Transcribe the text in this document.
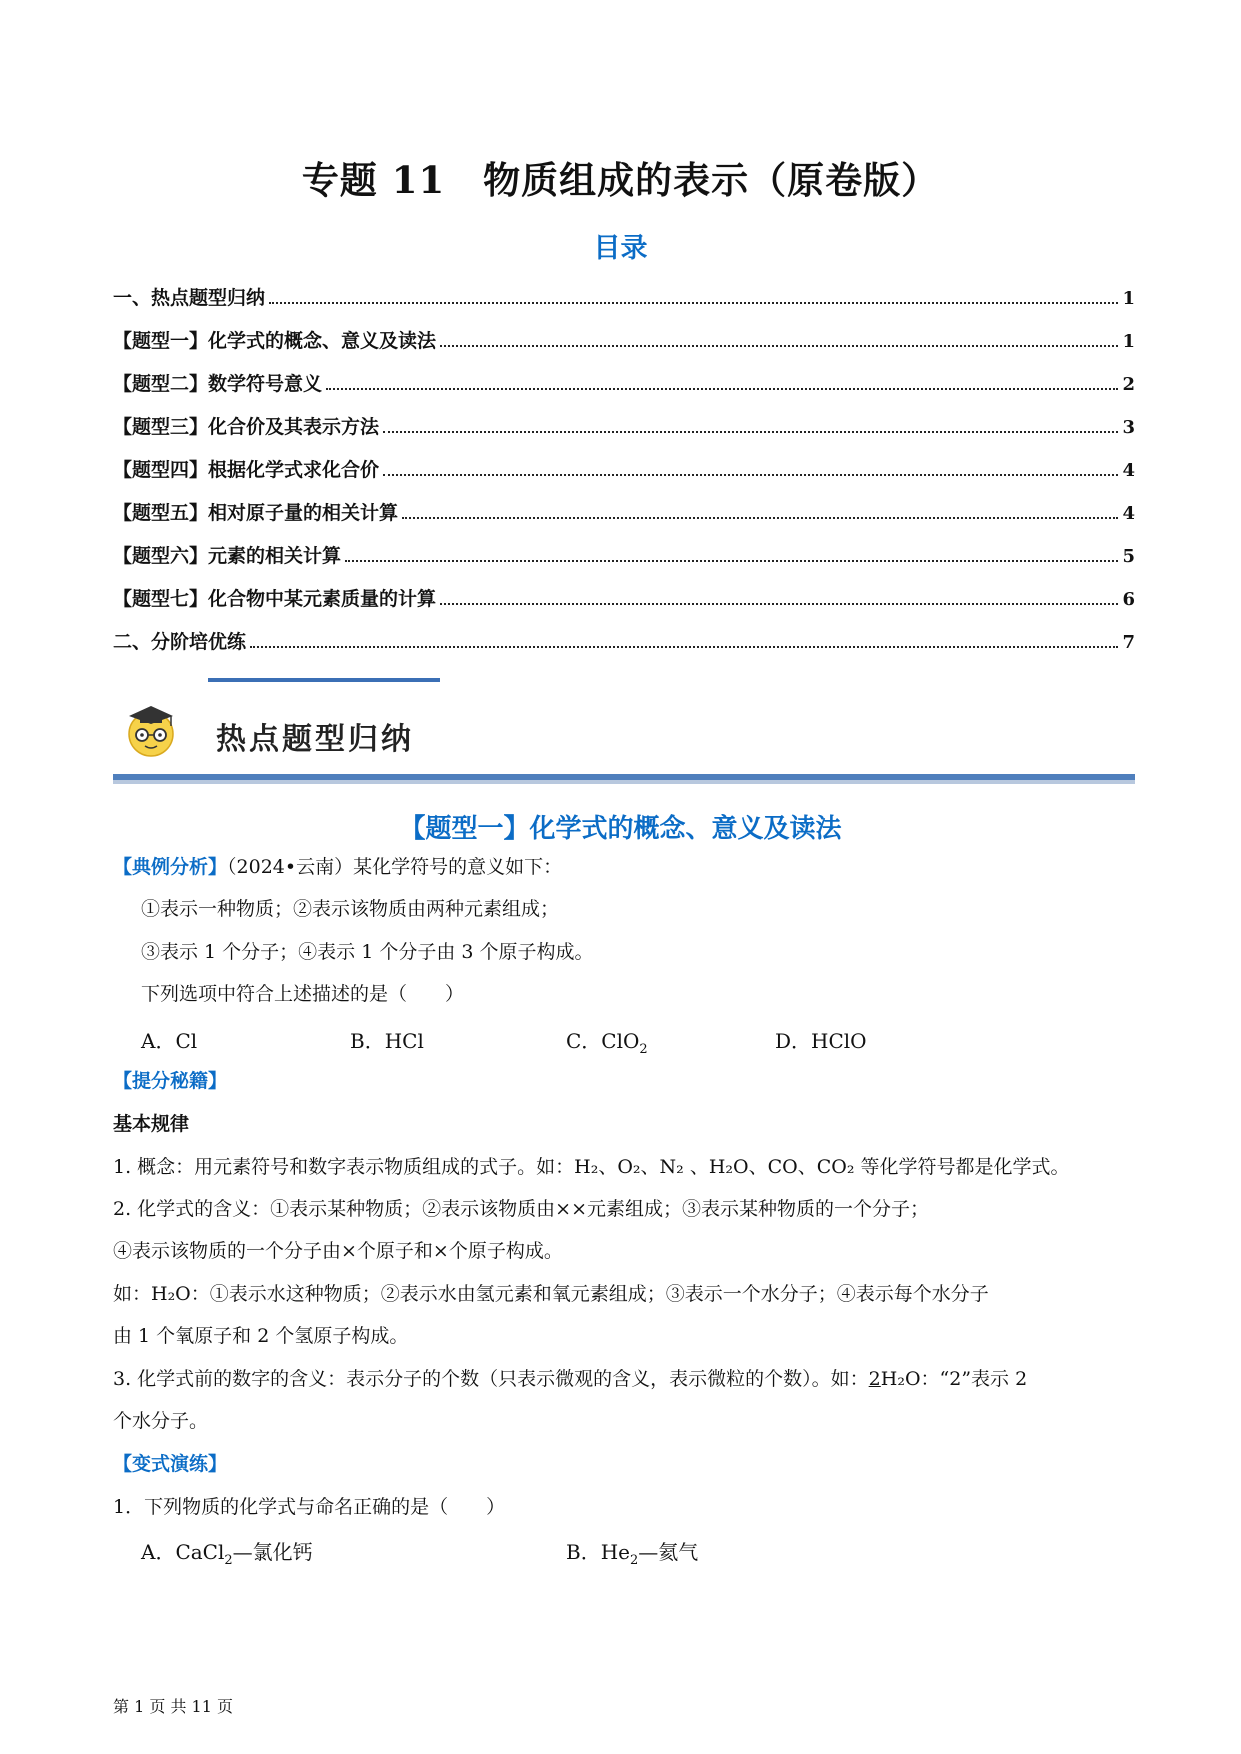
专题 11　物质组成的表示（原卷版）
目录
一、热点题型归纳	1
【题型一】化学式的概念、意义及读法	1
【题型二】数学符号意义	2
【题型三】化合价及其表示方法	3
【题型四】根据化学式求化合价	4
【题型五】相对原子量的相关计算	4
【题型六】元素的相关计算	5
【题型七】化合物中某元素质量的计算	6
二、分阶培优练	7
热点题型归纳
【题型一】化学式的概念、意义及读法
【典例分析】（2024•云南）某化学符号的意义如下：
①表示一种物质；②表示该物质由两种元素组成；
③表示 1 个分子；④表示 1 个分子由 3 个原子构成。
下列选项中符合上述描述的是（　　）
A．Cl	B．HCl	C．ClO$_2$	D．HClO
【提分秘籍】
基本规律
1. 概念：用元素符号和数字表示物质组成的式子。如：H₂、O₂、N₂ 、H₂O、CO、CO₂ 等化学符号都是化学式。
2. 化学式的含义：①表示某种物质；②表示该物质由××元素组成；③表示某种物质的一个分子；
④表示该物质的一个分子由×个原子和×个原子构成。
如：H₂O：①表示水这种物质；②表示水由氢元素和氧元素组成；③表示一个水分子；④表示每个水分子
由 1 个氧原子和 2 个氢原子构成。
3. 化学式前的数字的含义：表示分子的个数（只表示微观的含义，表示微粒的个数）。如：2H₂O：“2”表示 2
个水分子。
【变式演练】
1．下列物质的化学式与命名正确的是（　　）
A．CaCl$_2$—氯化钙	B．$He_2—$氦气
第 1 页 共 11 页
